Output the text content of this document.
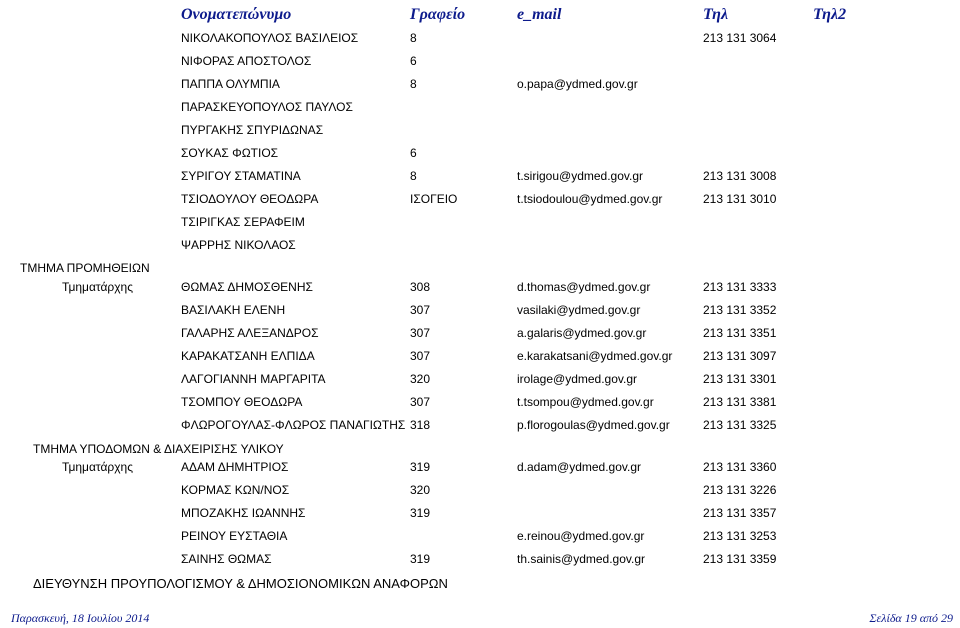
Ονοματεπώνυμο	Γραφείο	e_mail	Τηλ	Τηλ2
ΝΙΚΟΛΑΚΟΠΟΥΛΟΣ ΒΑΣΙΛΕΙΟΣ	8	213 131 3064
ΝΙΦΟΡΑΣ ΑΠΟΣΤΟΛΟΣ	6
ΠΑΠΠΑ ΟΛΥΜΠΙΑ	8	o.papa@ydmed.gov.gr
ΠΑΡΑΣΚΕΥΟΠΟΥΛΟΣ ΠΑΥΛΟΣ
ΠΥΡΓΑΚΗΣ ΣΠΥΡΙΔΩΝΑΣ
ΣΟΥΚΑΣ ΦΩΤΙΟΣ	6
ΣΥΡΙΓΟΥ ΣΤΑΜΑΤΙΝΑ	8	t.sirigou@ydmed.gov.gr	213 131 3008
ΤΣΙΟΔΟΥΛΟΥ ΘΕΟΔΩΡΑ	ΙΣΟΓΕΙΟ	t.tsiodoulou@ydmed.gov.gr	213 131 3010
ΤΣΙΡΙΓΚΑΣ ΣΕΡΑΦΕΙΜ
ΨΑΡΡΗΣ ΝΙΚΟΛΑΟΣ
ΤΜΗΜΑ ΠΡΟΜΗΘΕΙΩΝ
Τμηματάρχης	ΘΩΜΑΣ ΔΗΜΟΣΘΕΝΗΣ	308	d.thomas@ydmed.gov.gr	213 131 3333
ΒΑΣΙΛΑΚΗ ΕΛΕΝΗ	307	vasilaki@ydmed.gov.gr	213 131 3352
ΓΑΛΑΡΗΣ ΑΛΕΞΑΝΔΡΟΣ	307	a.galaris@ydmed.gov.gr	213 131 3351
ΚΑΡΑΚΑΤΣΑΝΗ ΕΛΠΙΔΑ	307	e.karakatsani@ydmed.gov.gr	213 131 3097
ΛΑΓΟΓΙΑΝΝΗ ΜΑΡΓΑΡΙΤΑ	320	irolage@ydmed.gov.gr	213 131 3301
ΤΣΟΜΠΟΥ ΘΕΟΔΩΡΑ	307	t.tsompou@ydmed.gov.gr	213 131 3381
ΦΛΩΡΟΓΟΥΛΑΣ-ΦΛΩΡΟΣ ΠΑΝΑΓΙΩΤΗΣ 318	p.florogoulas@ydmed.gov.gr	213 131 3325
ΤΜΗΜΑ ΥΠΟΔΟΜΩΝ & ΔΙΑΧΕΙΡΙΣΗΣ ΥΛΙΚΟΥ
Τμηματάρχης	ΑΔΑΜ ΔΗΜΗΤΡΙΟΣ	319	d.adam@ydmed.gov.gr	213 131 3360
ΚΟΡΜΑΣ ΚΩΝ/ΝΟΣ	320	213 131 3226
ΜΠΟΖΑΚΗΣ ΙΩΑΝΝΗΣ	319	213 131 3357
ΡΕΙΝΟΥ ΕΥΣΤΑΘΙΑ	e.reinou@ydmed.gov.gr	213 131 3253
ΣΑΙΝΗΣ ΘΩΜΑΣ	319	th.sainis@ydmed.gov.gr	213 131 3359
ΔΙΕΥΘΥΝΣΗ ΠΡΟΥΠΟΛΟΓΙΣΜΟΥ & ΔΗΜΟΣΙΟΝΟΜΙΚΩΝ ΑΝΑΦΟΡΩΝ
Παρασκευή, 18 Ιουλίου 2014	Σελίδα 19 από 29
